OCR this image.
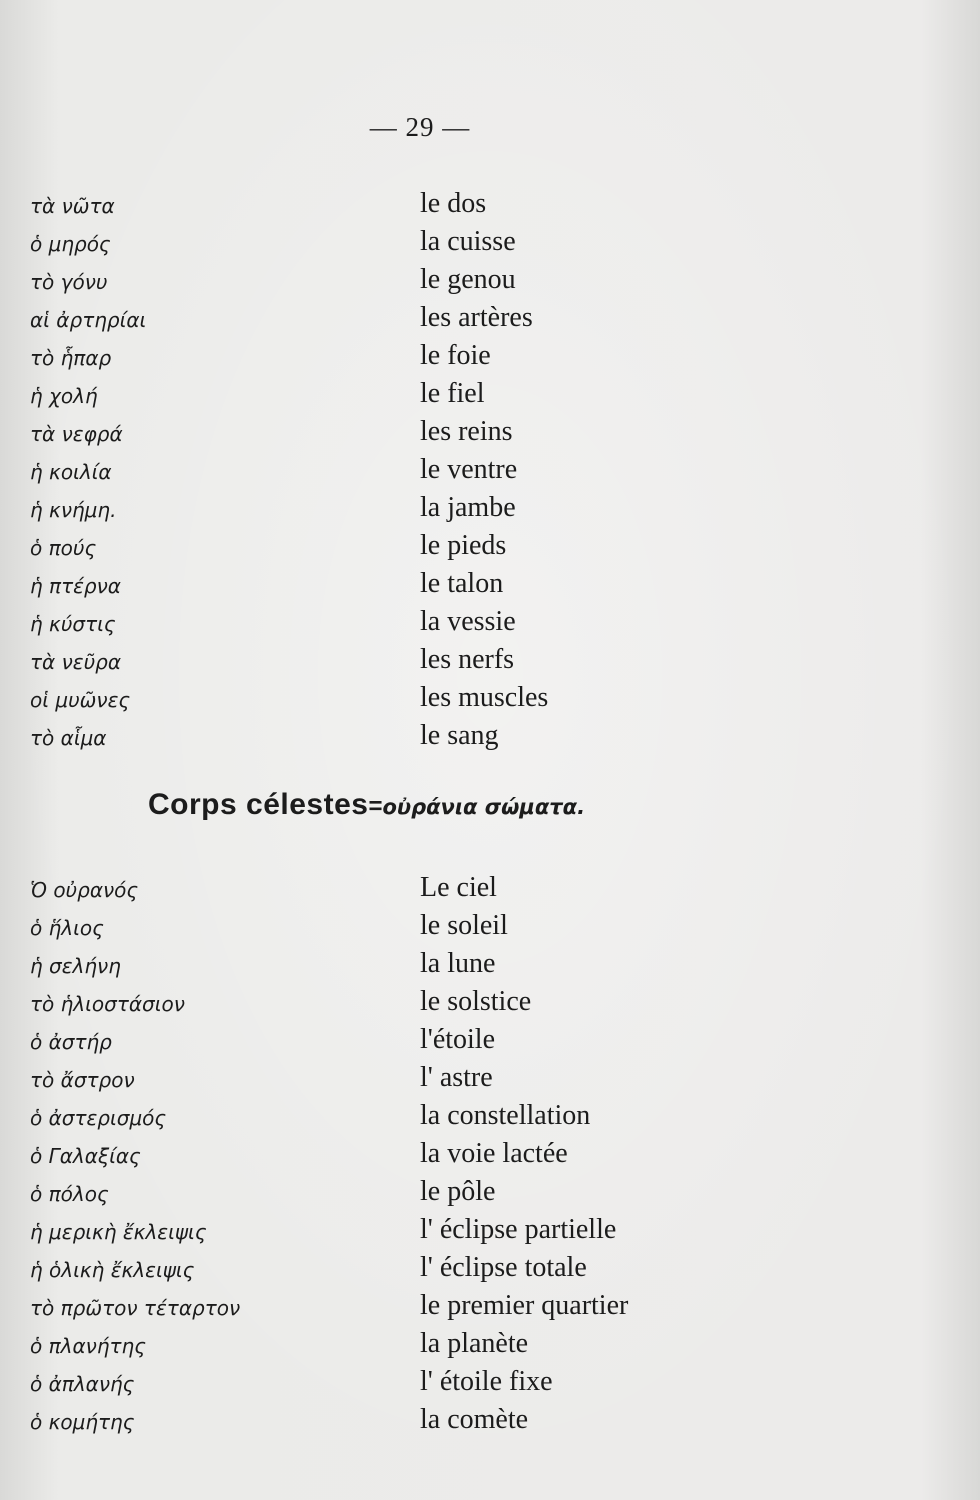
— 29 —
τὰ νῶτα	le dos
ὁ μηρός	la cuisse
τὸ γόνυ	le genou
αἱ ἀρτηρίαι	les artères
τὸ ἧπαρ	le foie
ἡ χολή	le fiel
τὰ νεφρά	les reins
ἡ κοιλία	le ventre
ἡ κνήμη.	la jambe
ὁ πούς	le pieds
ἡ πτέρνα	le talon
ἡ κύστις	la vessie
τὰ νεῦρα	les nerfs
οἱ μυῶνες	les muscles
τὸ αἷμα	le sang
Corps célestes=οὐράνια σώματα.
Ὁ οὐρανός	Le ciel
ὁ ἥλιος	le soleil
ἡ σελήνη	la lune
τὸ ἡλιοστάσιον	le solstice
ὁ ἀστήρ	l'étoile
τὸ ἄστρον	l' astre
ὁ ἀστερισμός	la constellation
ὁ Γαλαξίας	la voie lactée
ὁ πόλος	le pôle
ἡ μερικὴ ἔκλειψις	l' éclipse partielle
ἡ ὁλικὴ ἔκλειψις	l' éclipse totale
τὸ πρῶτον τέταρτον	le premier quartier
ὁ πλανήτης	la planète
ὁ ἀπλανής	l' étoile fixe
ὁ κομήτης	la comète
